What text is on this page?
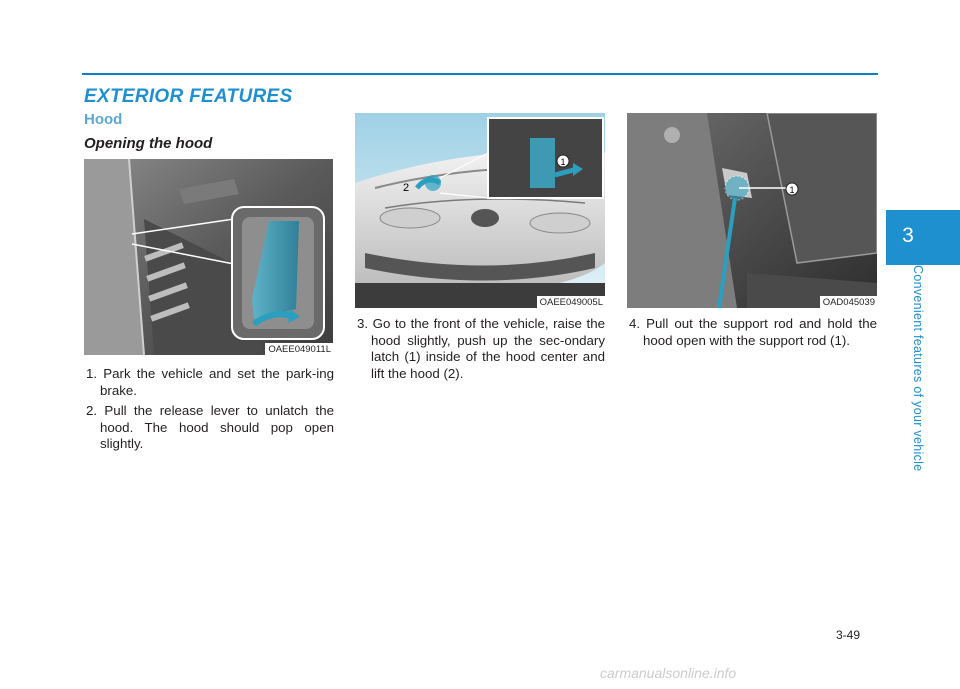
EXTERIOR FEATURES
Hood
Opening the hood
OAEE049011L
1
2
OAEE049005L
1
OAD045039
1. Park the vehicle and set the park-ing brake.
2. Pull the release lever to unlatch the hood. The hood should pop open slightly.
3. Go to the front of the vehicle, raise the hood slightly, push up the sec-ondary latch (1) inside of the hood center and lift the hood (2).
4. Pull out the support rod and hold the hood open with the support rod (1).
3
Convenient features of your vehicle
3-49
carmanualsonline.info
